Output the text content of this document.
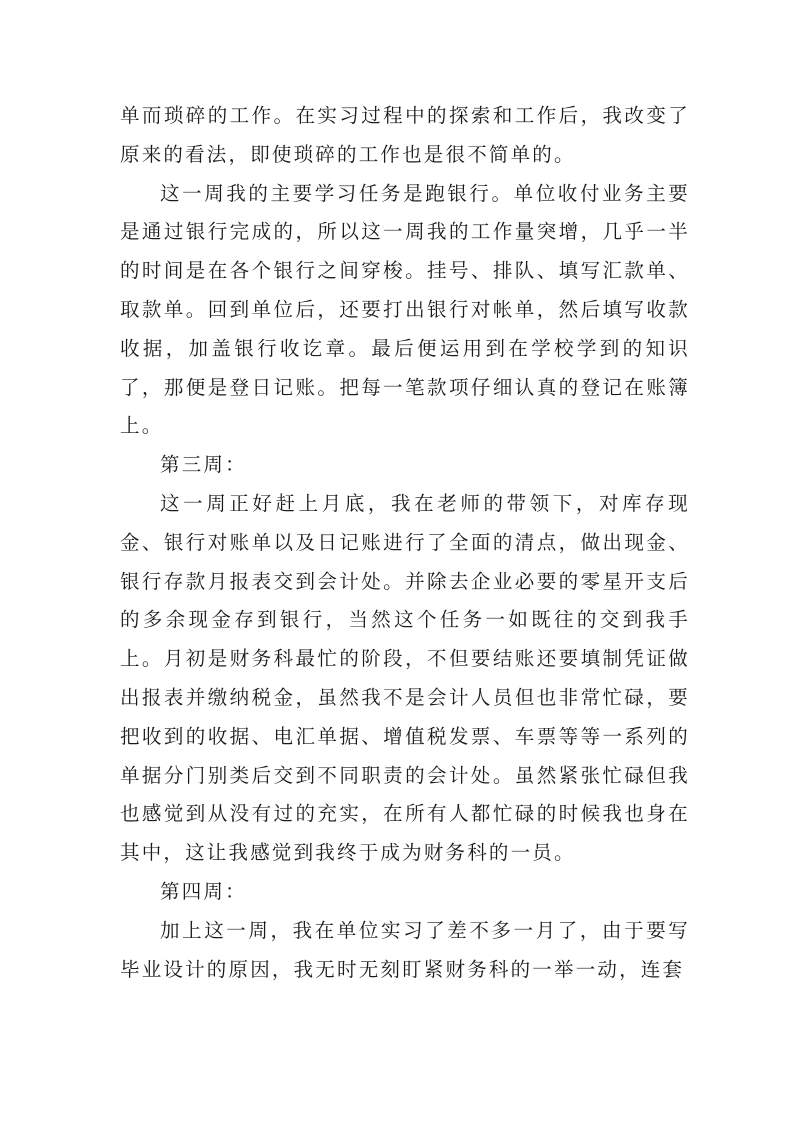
单而琐碎的工作。在实习过程中的探索和工作后，我改变了原来的看法，即使琐碎的工作也是很不简单的。

这一周我的主要学习任务是跑银行。单位收付业务主要是通过银行完成的，所以这一周我的工作量突增，几乎一半的时间是在各个银行之间穿梭。挂号、排队、填写汇款单、取款单。回到单位后，还要打出银行对帐单，然后填写收款收据，加盖银行收讫章。最后便运用到在学校学到的知识了，那便是登日记账。把每一笔款项仔细认真的登记在账簿上。

第三周：

这一周正好赶上月底，我在老师的带领下，对库存现金、银行对账单以及日记账进行了全面的清点，做出现金、银行存款月报表交到会计处。并除去企业必要的零星开支后的多余现金存到银行，当然这个任务一如既往的交到我手上。月初是财务科最忙的阶段，不但要结账还要填制凭证做出报表并缴纳税金，虽然我不是会计人员但也非常忙碌，要把收到的收据、电汇单据、增值税发票、车票等等一系列的单据分门别类后交到不同职责的会计处。虽然紧张忙碌但我也感觉到从没有过的充实，在所有人都忙碌的时候我也身在其中，这让我感觉到我终于成为财务科的一员。

第四周：

加上这一周，我在单位实习了差不多一月了，由于要写毕业设计的原因，我无时无刻盯紧财务科的一举一动，连套
